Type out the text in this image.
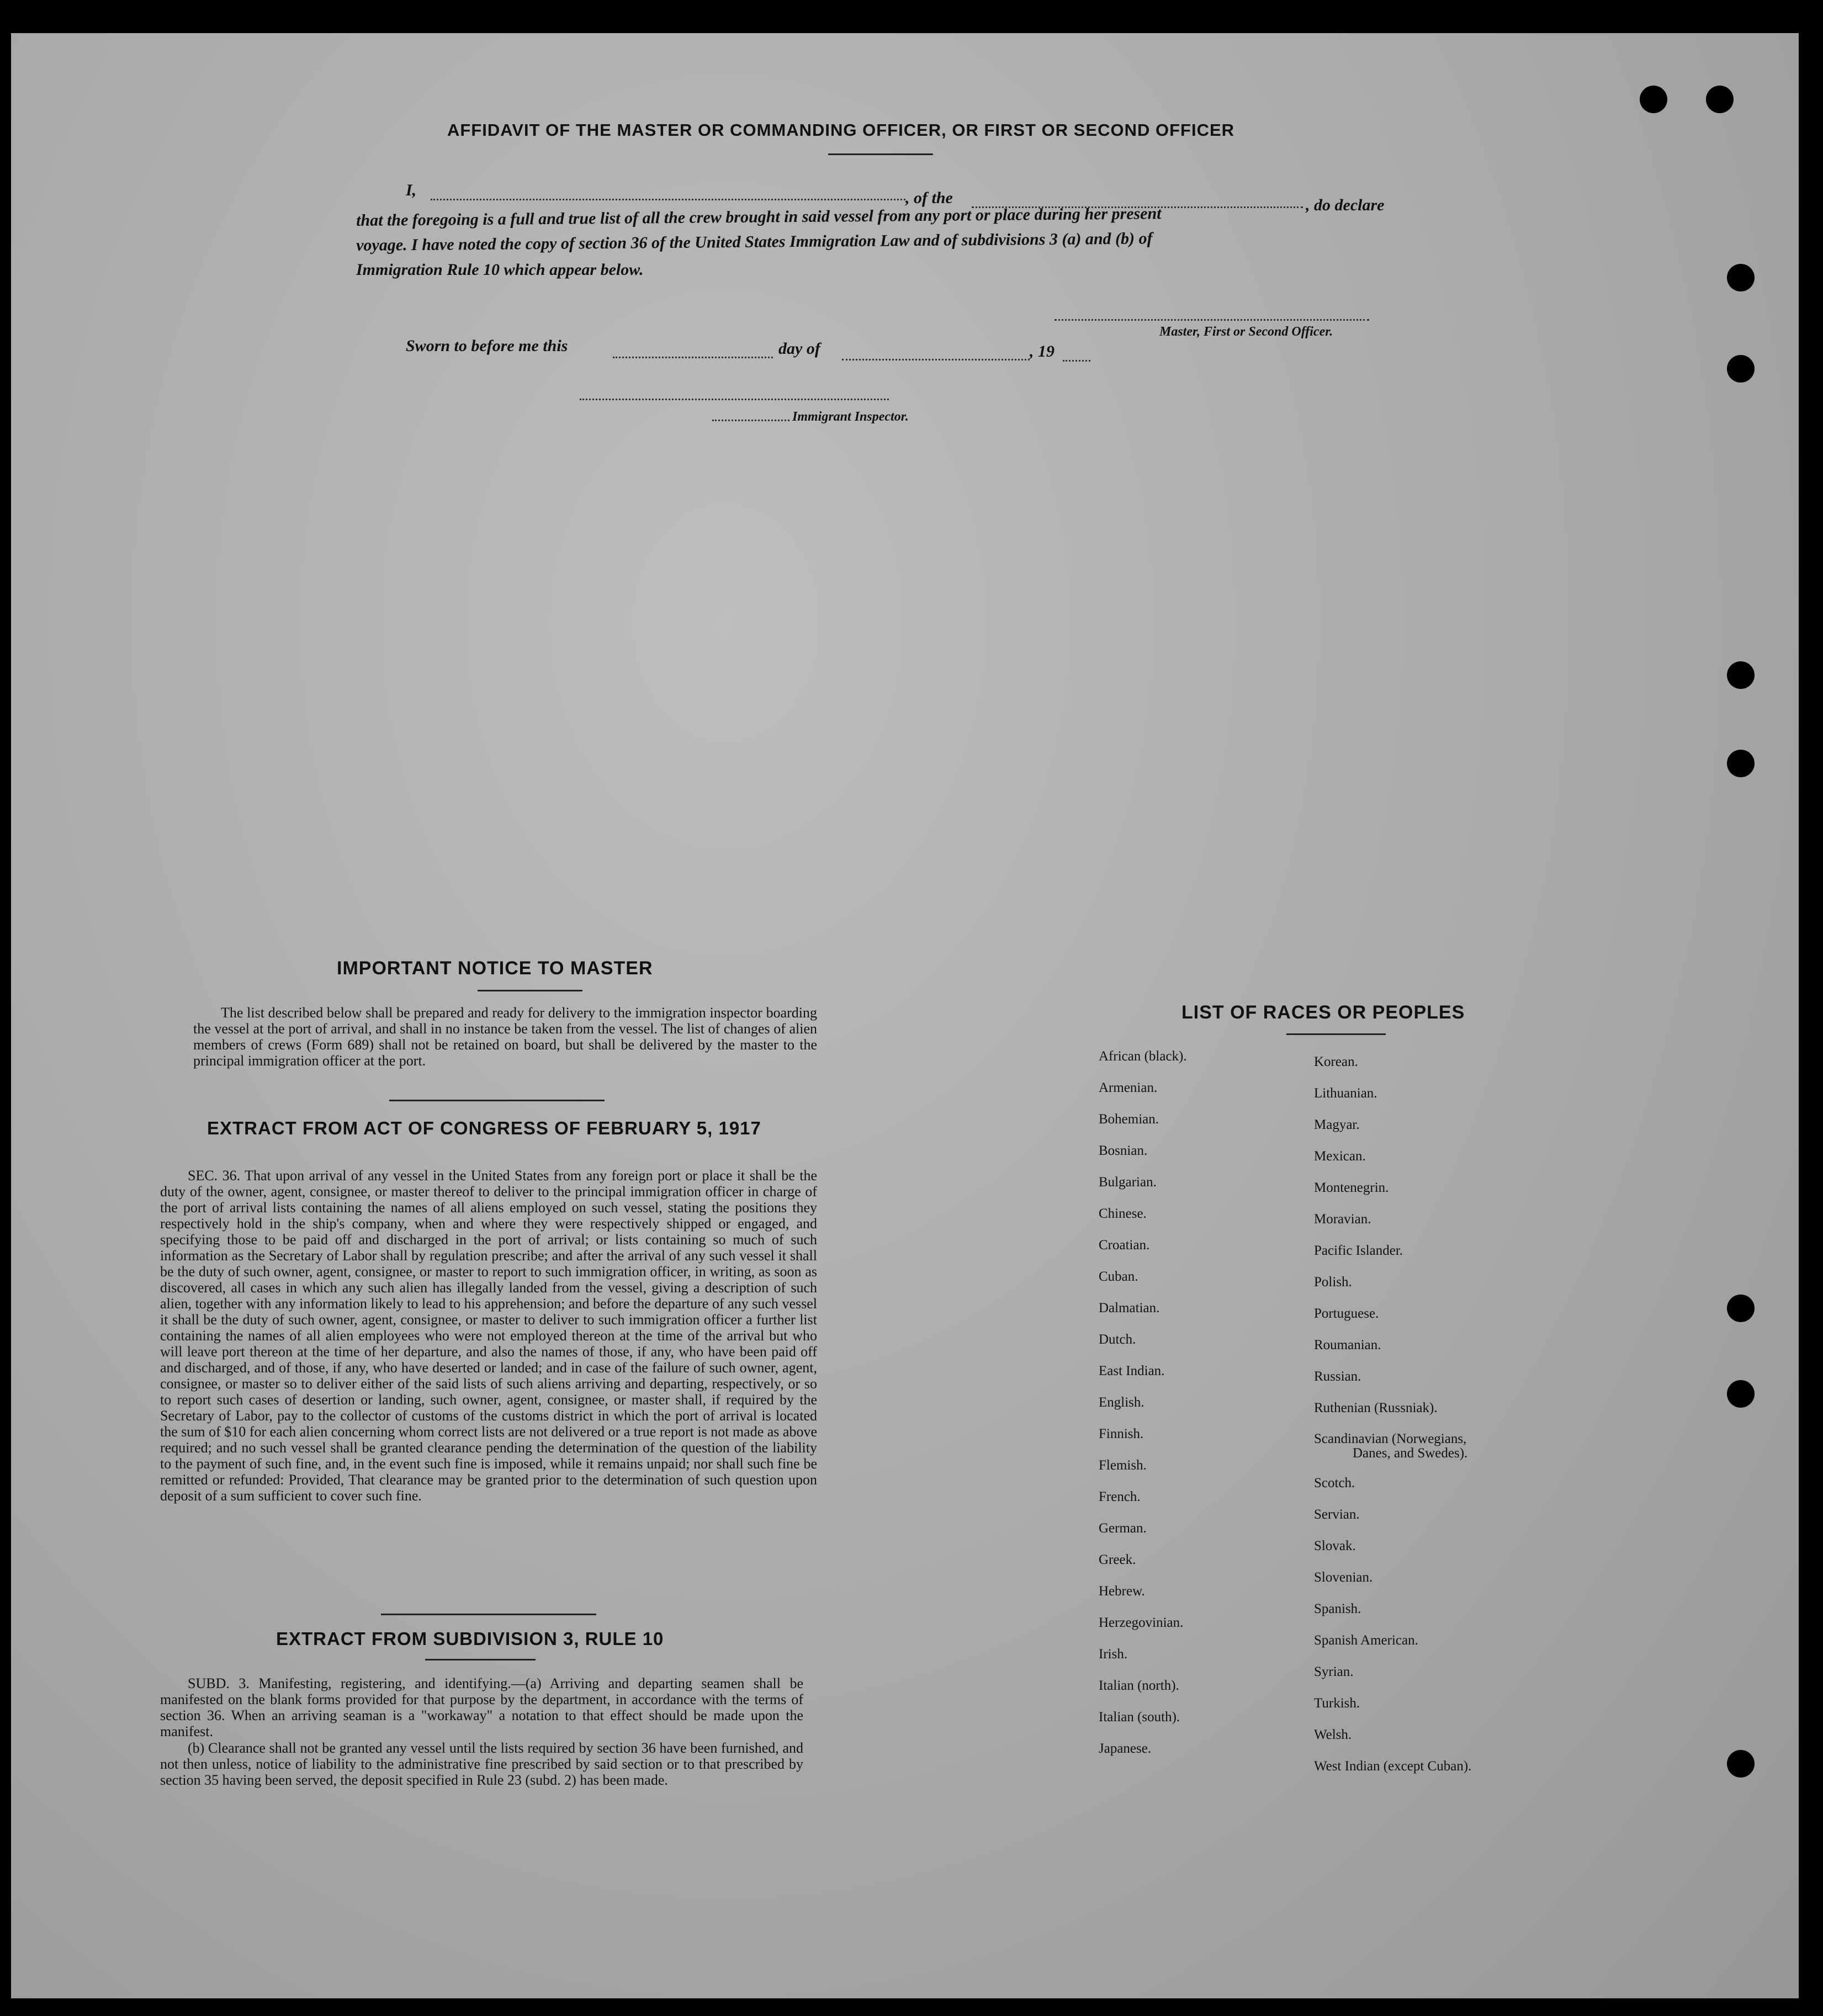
AFFIDAVIT OF THE MASTER OR COMMANDING OFFICER, OR FIRST OR SECOND OFFICER
I,	, of the	, do declare
that the foregoing is a full and true list of all the crew brought in said vessel from any port or place during her present
voyage. I have noted the copy of section 36 of the United States Immigration Law and of subdivisions 3 (a) and (b) of
Immigration Rule 10 which appear below.
Master, First or Second Officer.
Sworn to before me this	day of	, 19
Immigrant Inspector.
IMPORTANT NOTICE TO MASTER
The list described below shall be prepared and ready for delivery to the immigration inspector boarding the vessel at the port of arrival, and shall in no instance be taken from the vessel. The list of changes of alien members of crews (Form 689) shall not be retained on board, but shall be delivered by the master to the principal immigration officer at the port.
EXTRACT FROM ACT OF CONGRESS OF FEBRUARY 5, 1917
SEC. 36. That upon arrival of any vessel in the United States from any foreign port or place it shall be the duty of the owner, agent, consignee, or master thereof to deliver to the principal immigration officer in charge of the port of arrival lists containing the names of all aliens employed on such vessel, stating the positions they respectively hold in the ship's company, when and where they were respectively shipped or engaged, and specifying those to be paid off and discharged in the port of arrival; or lists containing so much of such information as the Secretary of Labor shall by regulation prescribe; and after the arrival of any such vessel it shall be the duty of such owner, agent, consignee, or master to report to such immigration officer, in writing, as soon as discovered, all cases in which any such alien has illegally landed from the vessel, giving a description of such alien, together with any information likely to lead to his apprehension; and before the departure of any such vessel it shall be the duty of such owner, agent, consignee, or master to deliver to such immigration officer a further list containing the names of all alien employees who were not employed thereon at the time of the arrival but who will leave port thereon at the time of her departure, and also the names of those, if any, who have been paid off and discharged, and of those, if any, who have deserted or landed; and in case of the failure of such owner, agent, consignee, or master so to deliver either of the said lists of such aliens arriving and departing, respectively, or so to report such cases of desertion or landing, such owner, agent, consignee, or master shall, if required by the Secretary of Labor, pay to the collector of customs of the customs district in which the port of arrival is located the sum of $10 for each alien concerning whom correct lists are not delivered or a true report is not made as above required; and no such vessel shall be granted clearance pending the determination of the question of the liability to the payment of such fine, and, in the event such fine is imposed, while it remains unpaid; nor shall such fine be remitted or refunded: Provided, That clearance may be granted prior to the determination of such question upon deposit of a sum sufficient to cover such fine.
EXTRACT FROM SUBDIVISION 3, RULE 10
SUBD. 3. Manifesting, registering, and identifying.—(a) Arriving and departing seamen shall be manifested on the blank forms provided for that purpose by the department, in accordance with the terms of section 36. When an arriving seaman is a "workaway" a notation to that effect should be made upon the manifest.
(b) Clearance shall not be granted any vessel until the lists required by section 36 have been furnished, and not then unless, notice of liability to the administrative fine prescribed by said section or to that prescribed by section 35 having been served, the deposit specified in Rule 23 (subd. 2) has been made.
LIST OF RACES OR PEOPLES
African (black).
Armenian.
Bohemian.
Bosnian.
Bulgarian.
Chinese.
Croatian.
Cuban.
Dalmatian.
Dutch.
East Indian.
English.
Finnish.
Flemish.
French.
German.
Greek.
Hebrew.
Herzegovinian.
Irish.
Italian (north).
Italian (south).
Japanese.
Korean.
Lithuanian.
Magyar.
Mexican.
Montenegrin.
Moravian.
Pacific Islander.
Polish.
Portuguese.
Roumanian.
Russian.
Ruthenian (Russniak).
Scandinavian (Norwegians,
Danes, and Swedes).
Scotch.
Servian.
Slovak.
Slovenian.
Spanish.
Spanish American.
Syrian.
Turkish.
Welsh.
West Indian (except Cuban).
